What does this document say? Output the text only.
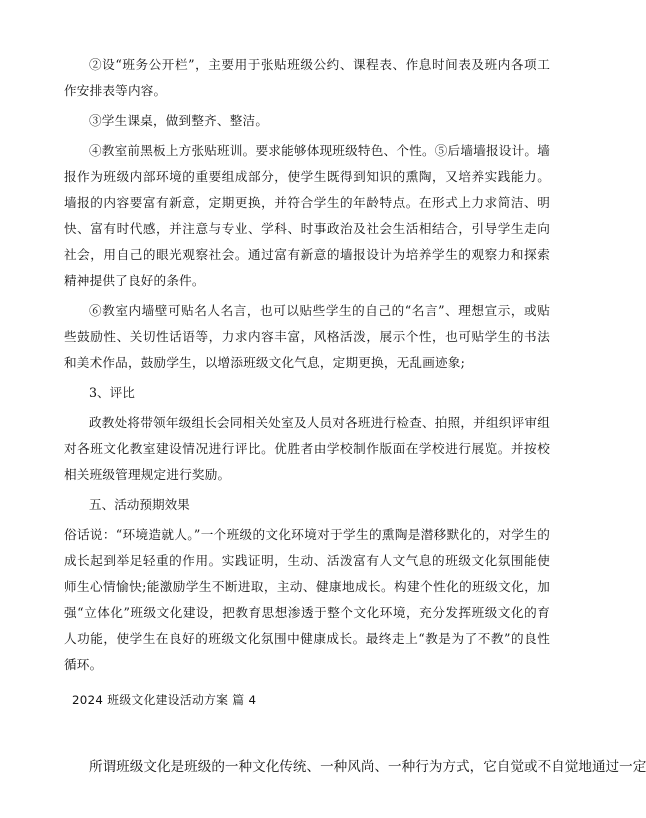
②设“班务公开栏”，主要用于张贴班级公约、课程表、作息时间表及班内各项工作安排表等内容。

③学生课桌，做到整齐、整洁。

④教室前黑板上方张贴班训。要求能够体现班级特色、个性。⑤后墙墙报设计。墙报作为班级内部环境的重要组成部分，使学生既得到知识的熏陶，又培养实践能力。墙报的内容要富有新意，定期更换，并符合学生的年龄特点。在形式上力求简洁、明快、富有时代感，并注意与专业、学科、时事政治及社会生活相结合，引导学生走向社会，用自己的眼光观察社会。通过富有新意的墙报设计为培养学生的观察力和探索精神提供了良好的条件。

⑥教室内墙壁可贴名人名言，也可以贴些学生的自己的“名言”、理想宣示，或贴些鼓励性、关切性话语等，力求内容丰富，风格活泼，展示个性，也可贴学生的书法和美术作品，鼓励学生，以增添班级文化气息，定期更换，无乱画迹象;

3、评比

政教处将带领年级组长会同相关处室及人员对各班进行检查、拍照，并组织评审组对各班文化教室建设情况进行评比。优胜者由学校制作版面在学校进行展览。并按校相关班级管理规定进行奖励。

五、活动预期效果

俗话说：“环境造就人。”一个班级的文化环境对于学生的熏陶是潜移默化的，对学生的成长起到举足轻重的作用。实践证明，生动、活泼富有人文气息的班级文化氛围能使师生心情愉快;能激励学生不断进取，主动、健康地成长。构建个性化的班级文化，加强“立体化”班级文化建设，把教育思想渗透于整个文化环境，充分发挥班级文化的育人功能，使学生在良好的班级文化氛围中健康成长。最终走上“教是为了不教”的良性循环。

2024 班级文化建设活动方案 篇 4

所谓班级文化是班级的一种文化传统、一种风尚、一种行为方式，它自觉或不自觉地通过一定
